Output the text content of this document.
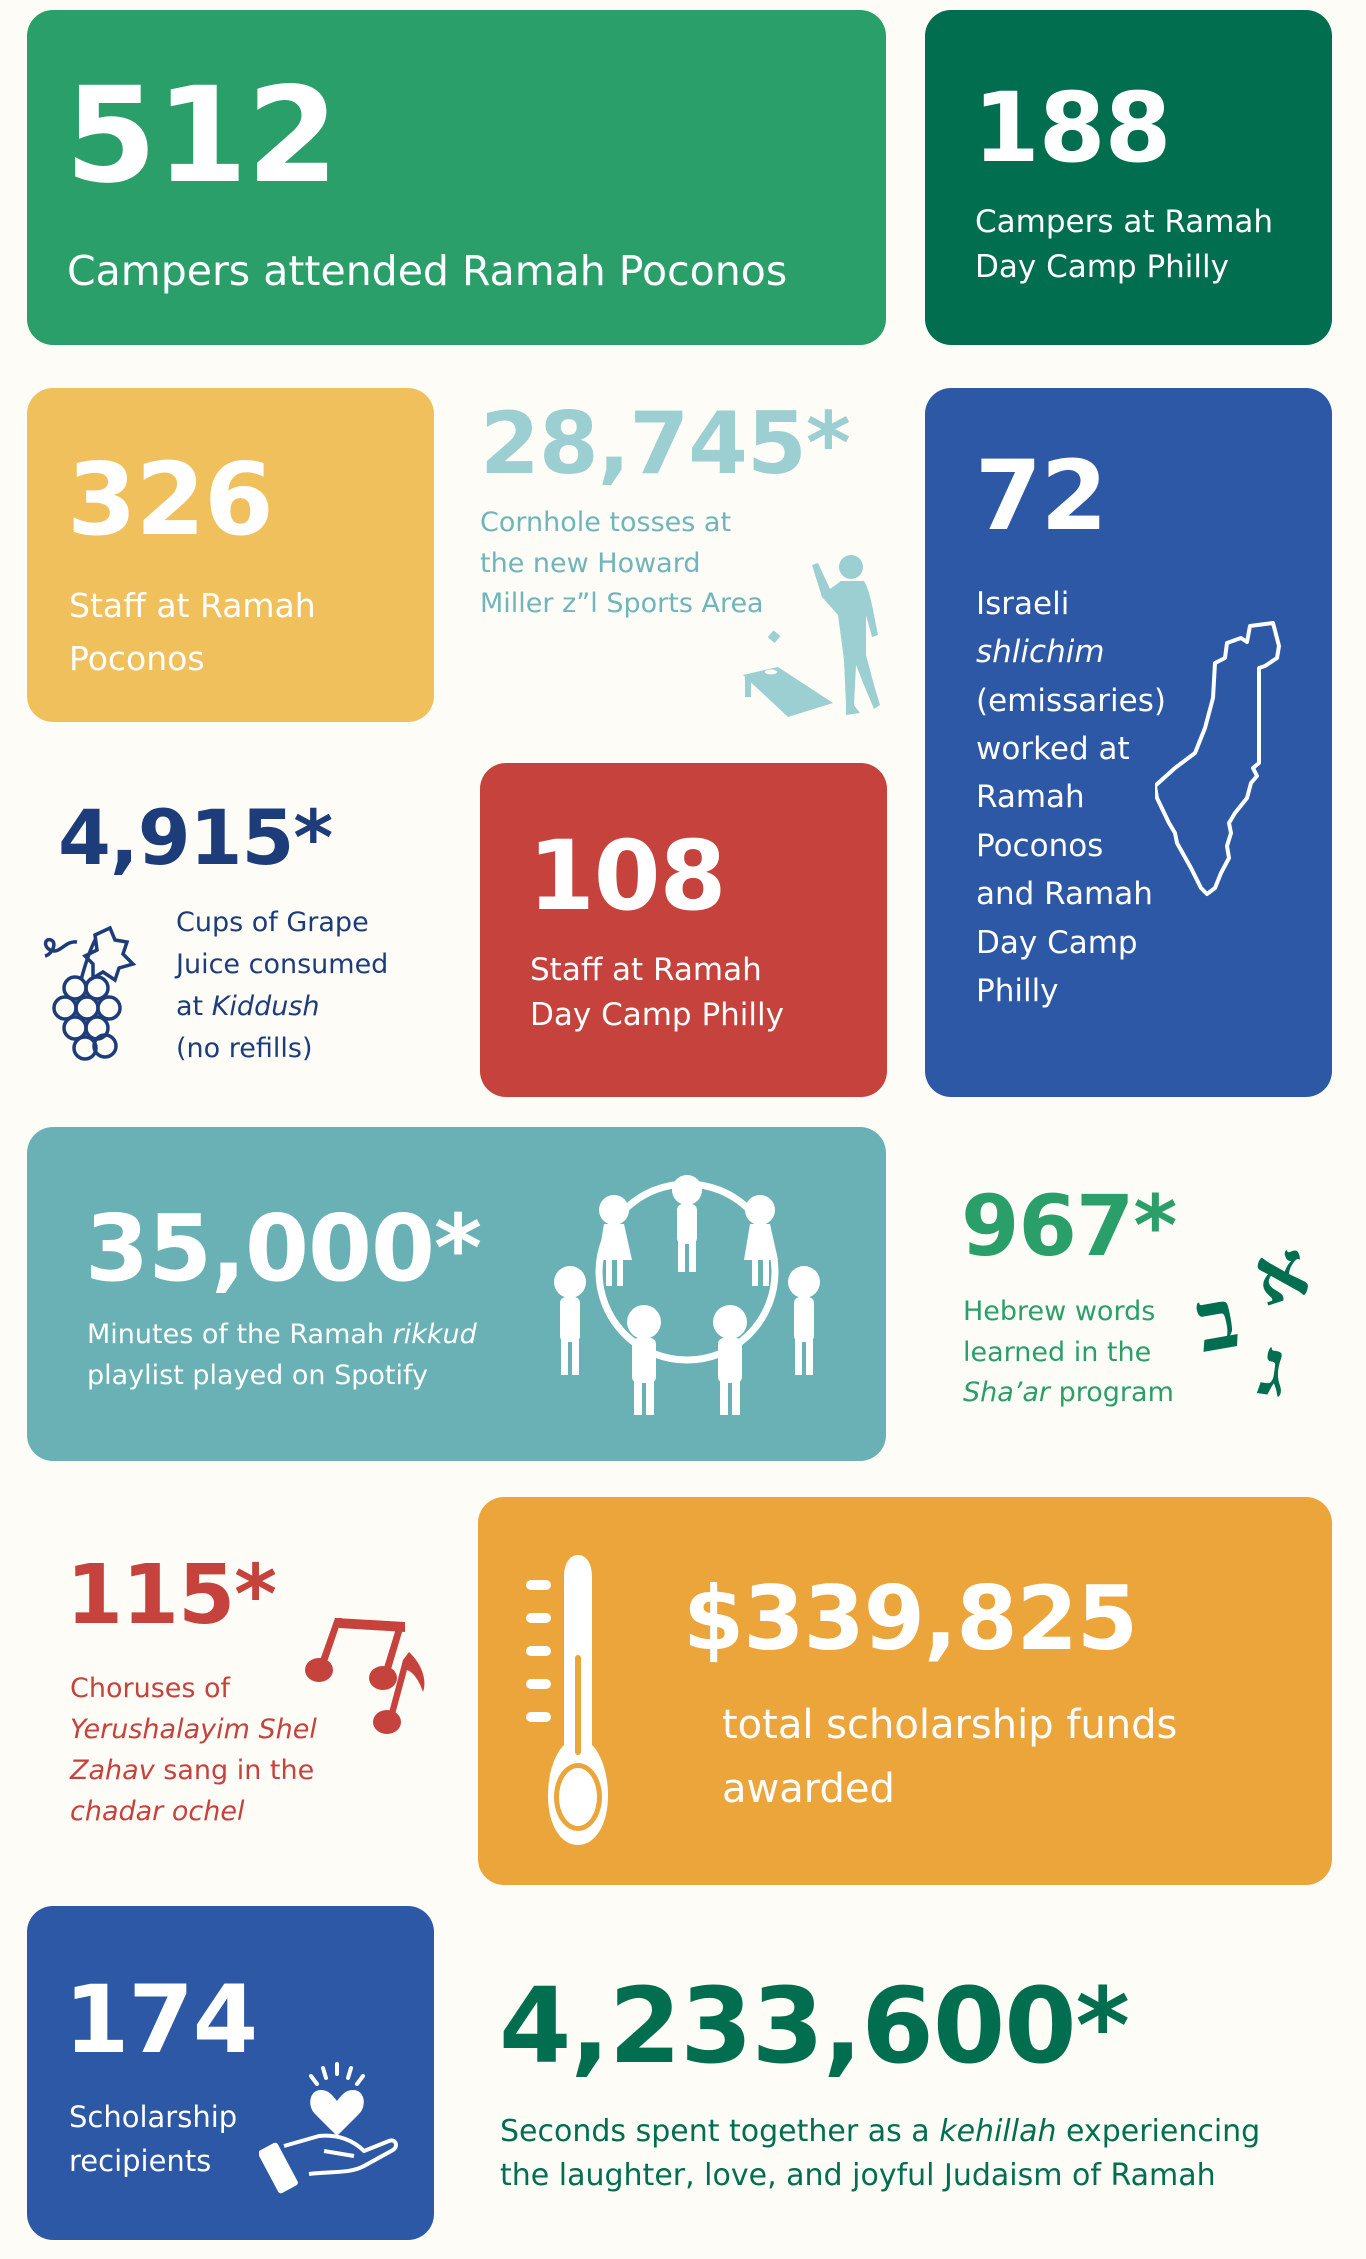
512
Campers attended Ramah Poconos
188
Campers at Ramah
Day Camp Philly
326
Staff at Ramah
Poconos
28,745*
Cornhole tosses at
the new Howard
Miller z”l Sports Area
72
Israeli
shlichim
(emissaries)
worked at
Ramah
Poconos
and Ramah
Day Camp
Philly
4,915*
Cups of Grape
Juice consumed
at Kiddush
(no refills)
108
Staff at Ramah
Day Camp Philly
35,000*
Minutes of the Ramah rikkud
playlist played on Spotify
967*
Hebrew words
learned in the
Sha’ar program
א
ב ג
115*
Choruses of
Yerushalayim Shel
Zahav sang in the
chadar ochel
$339,825
total scholarship funds
awarded
174
Scholarship
recipients
4,233,600*
Seconds spent together as a kehillah experiencing
the laughter, love, and joyful Judaism of Ramah
